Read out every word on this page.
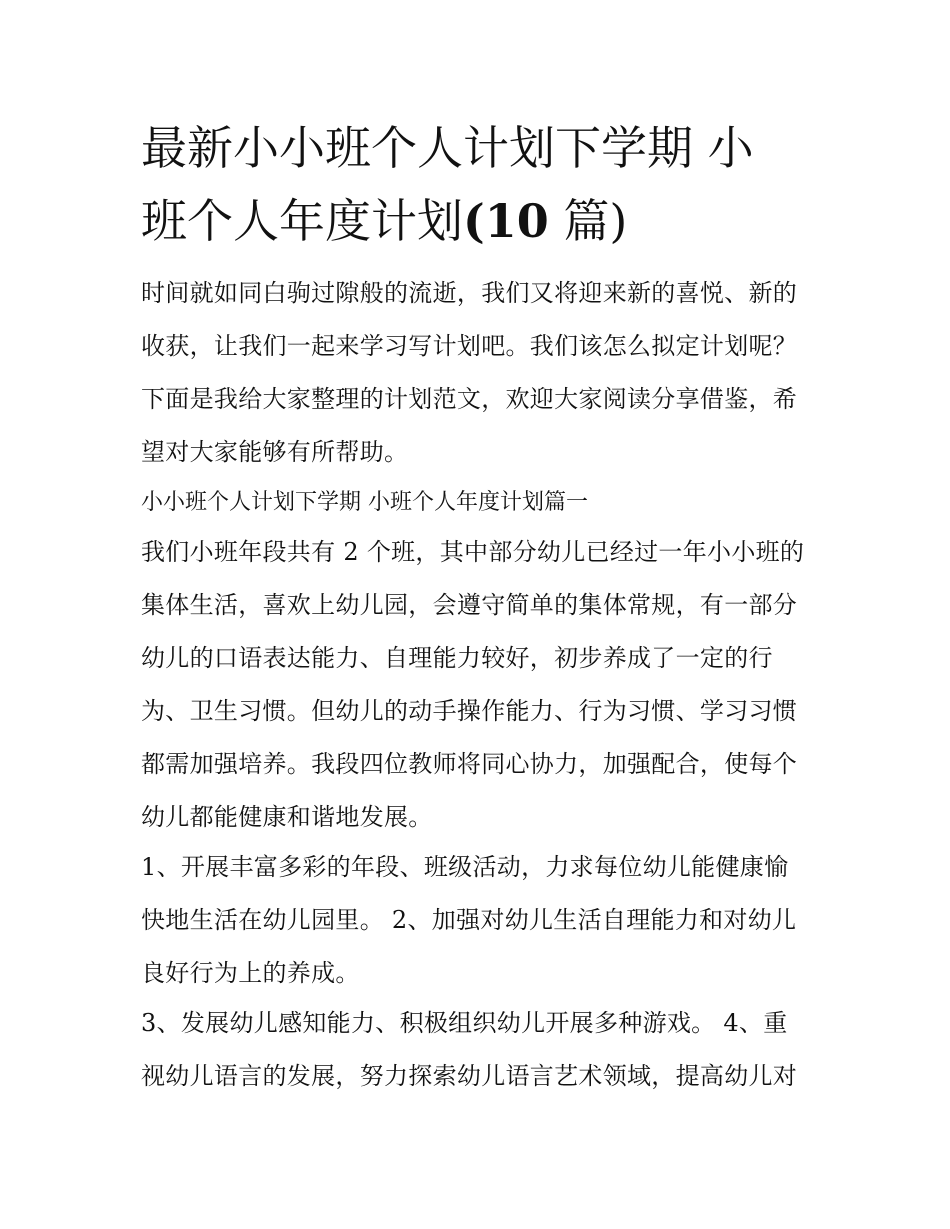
最新小小班个人计划下学期 小
班个人年度计划(10 篇)

时间就如同白驹过隙般的流逝，我们又将迎来新的喜悦、新的

收获，让我们一起来学习写计划吧。我们该怎么拟定计划呢？

下面是我给大家整理的计划范文，欢迎大家阅读分享借鉴，希

望对大家能够有所帮助。

小小班个人计划下学期 小班个人年度计划篇一

我们小班年段共有 2 个班，其中部分幼儿已经过一年小小班的

集体生活，喜欢上幼儿园，会遵守简单的集体常规，有一部分

幼儿的口语表达能力、自理能力较好，初步养成了一定的行

为、卫生习惯。但幼儿的动手操作能力、行为习惯、学习习惯

都需加强培养。我段四位教师将同心协力，加强配合，使每个

幼儿都能健康和谐地发展。

1、开展丰富多彩的年段、班级活动，力求每位幼儿能健康愉

快地生活在幼儿园里。 2、加强对幼儿生活自理能力和对幼儿

良好行为上的养成。

3、发展幼儿感知能力、积极组织幼儿开展多种游戏。 4、重

视幼儿语言的发展，努力探索幼儿语言艺术领域，提高幼儿对
